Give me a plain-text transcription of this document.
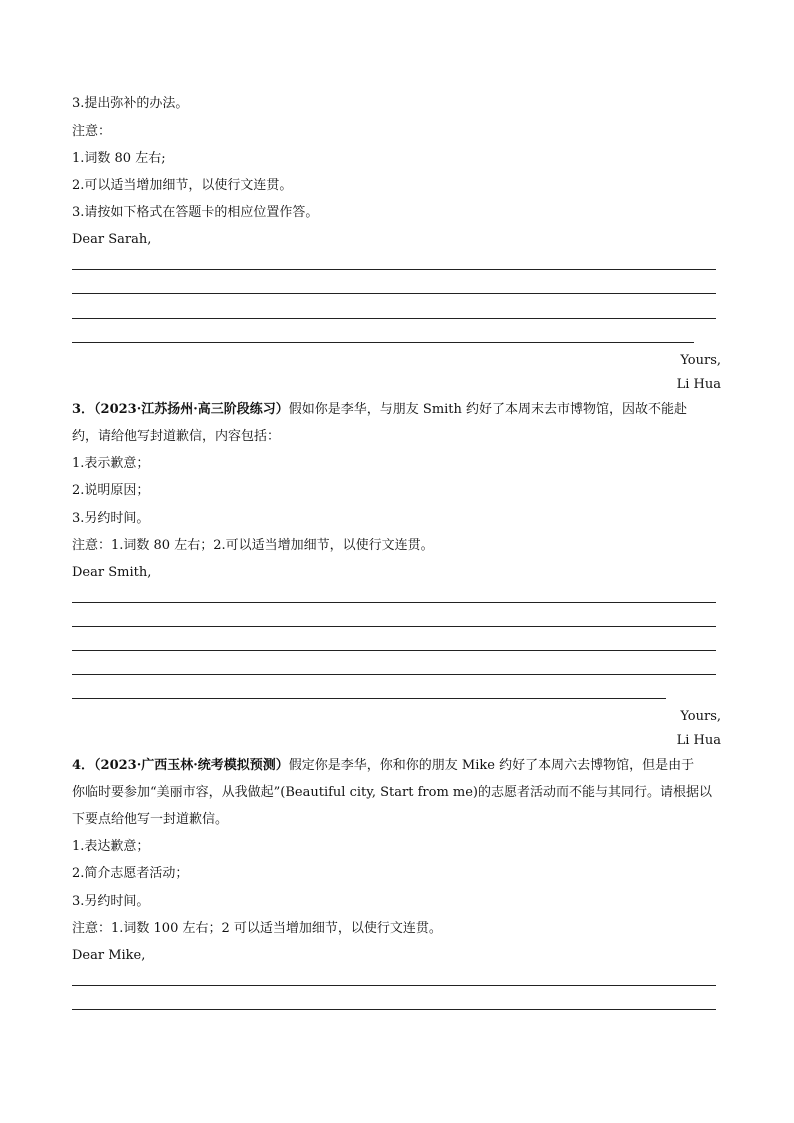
3.提出弥补的办法。
注意：
1.词数 80 左右;
2.可以适当增加细节，以使行文连贯。
3.请按如下格式在答题卡的相应位置作答。
Dear Sarah,
Yours,
Li Hua
3．（2023·江苏扬州·高三阶段练习）假如你是李华，与朋友 Smith 约好了本周末去市博物馆，因故不能赴
约，请给他写封道歉信，内容包括：
1.表示歉意；
2.说明原因；
3.另约时间。
注意：1.词数 80 左右；2.可以适当增加细节，以使行文连贯。
Dear Smith,
Yours,
Li Hua
4．（2023·广西玉林·统考模拟预测）假定你是李华，你和你的朋友 Mike 约好了本周六去博物馆，但是由于
你临时要参加“美丽市容，从我做起”(Beautiful city, Start from me)的志愿者活动而不能与其同行。请根据以
下要点给他写一封道歉信。
1.表达歉意；
2.简介志愿者活动；
3.另约时间。
注意：1.词数 100 左右；2 可以适当增加细节，以使行文连贯。
Dear Mike,
